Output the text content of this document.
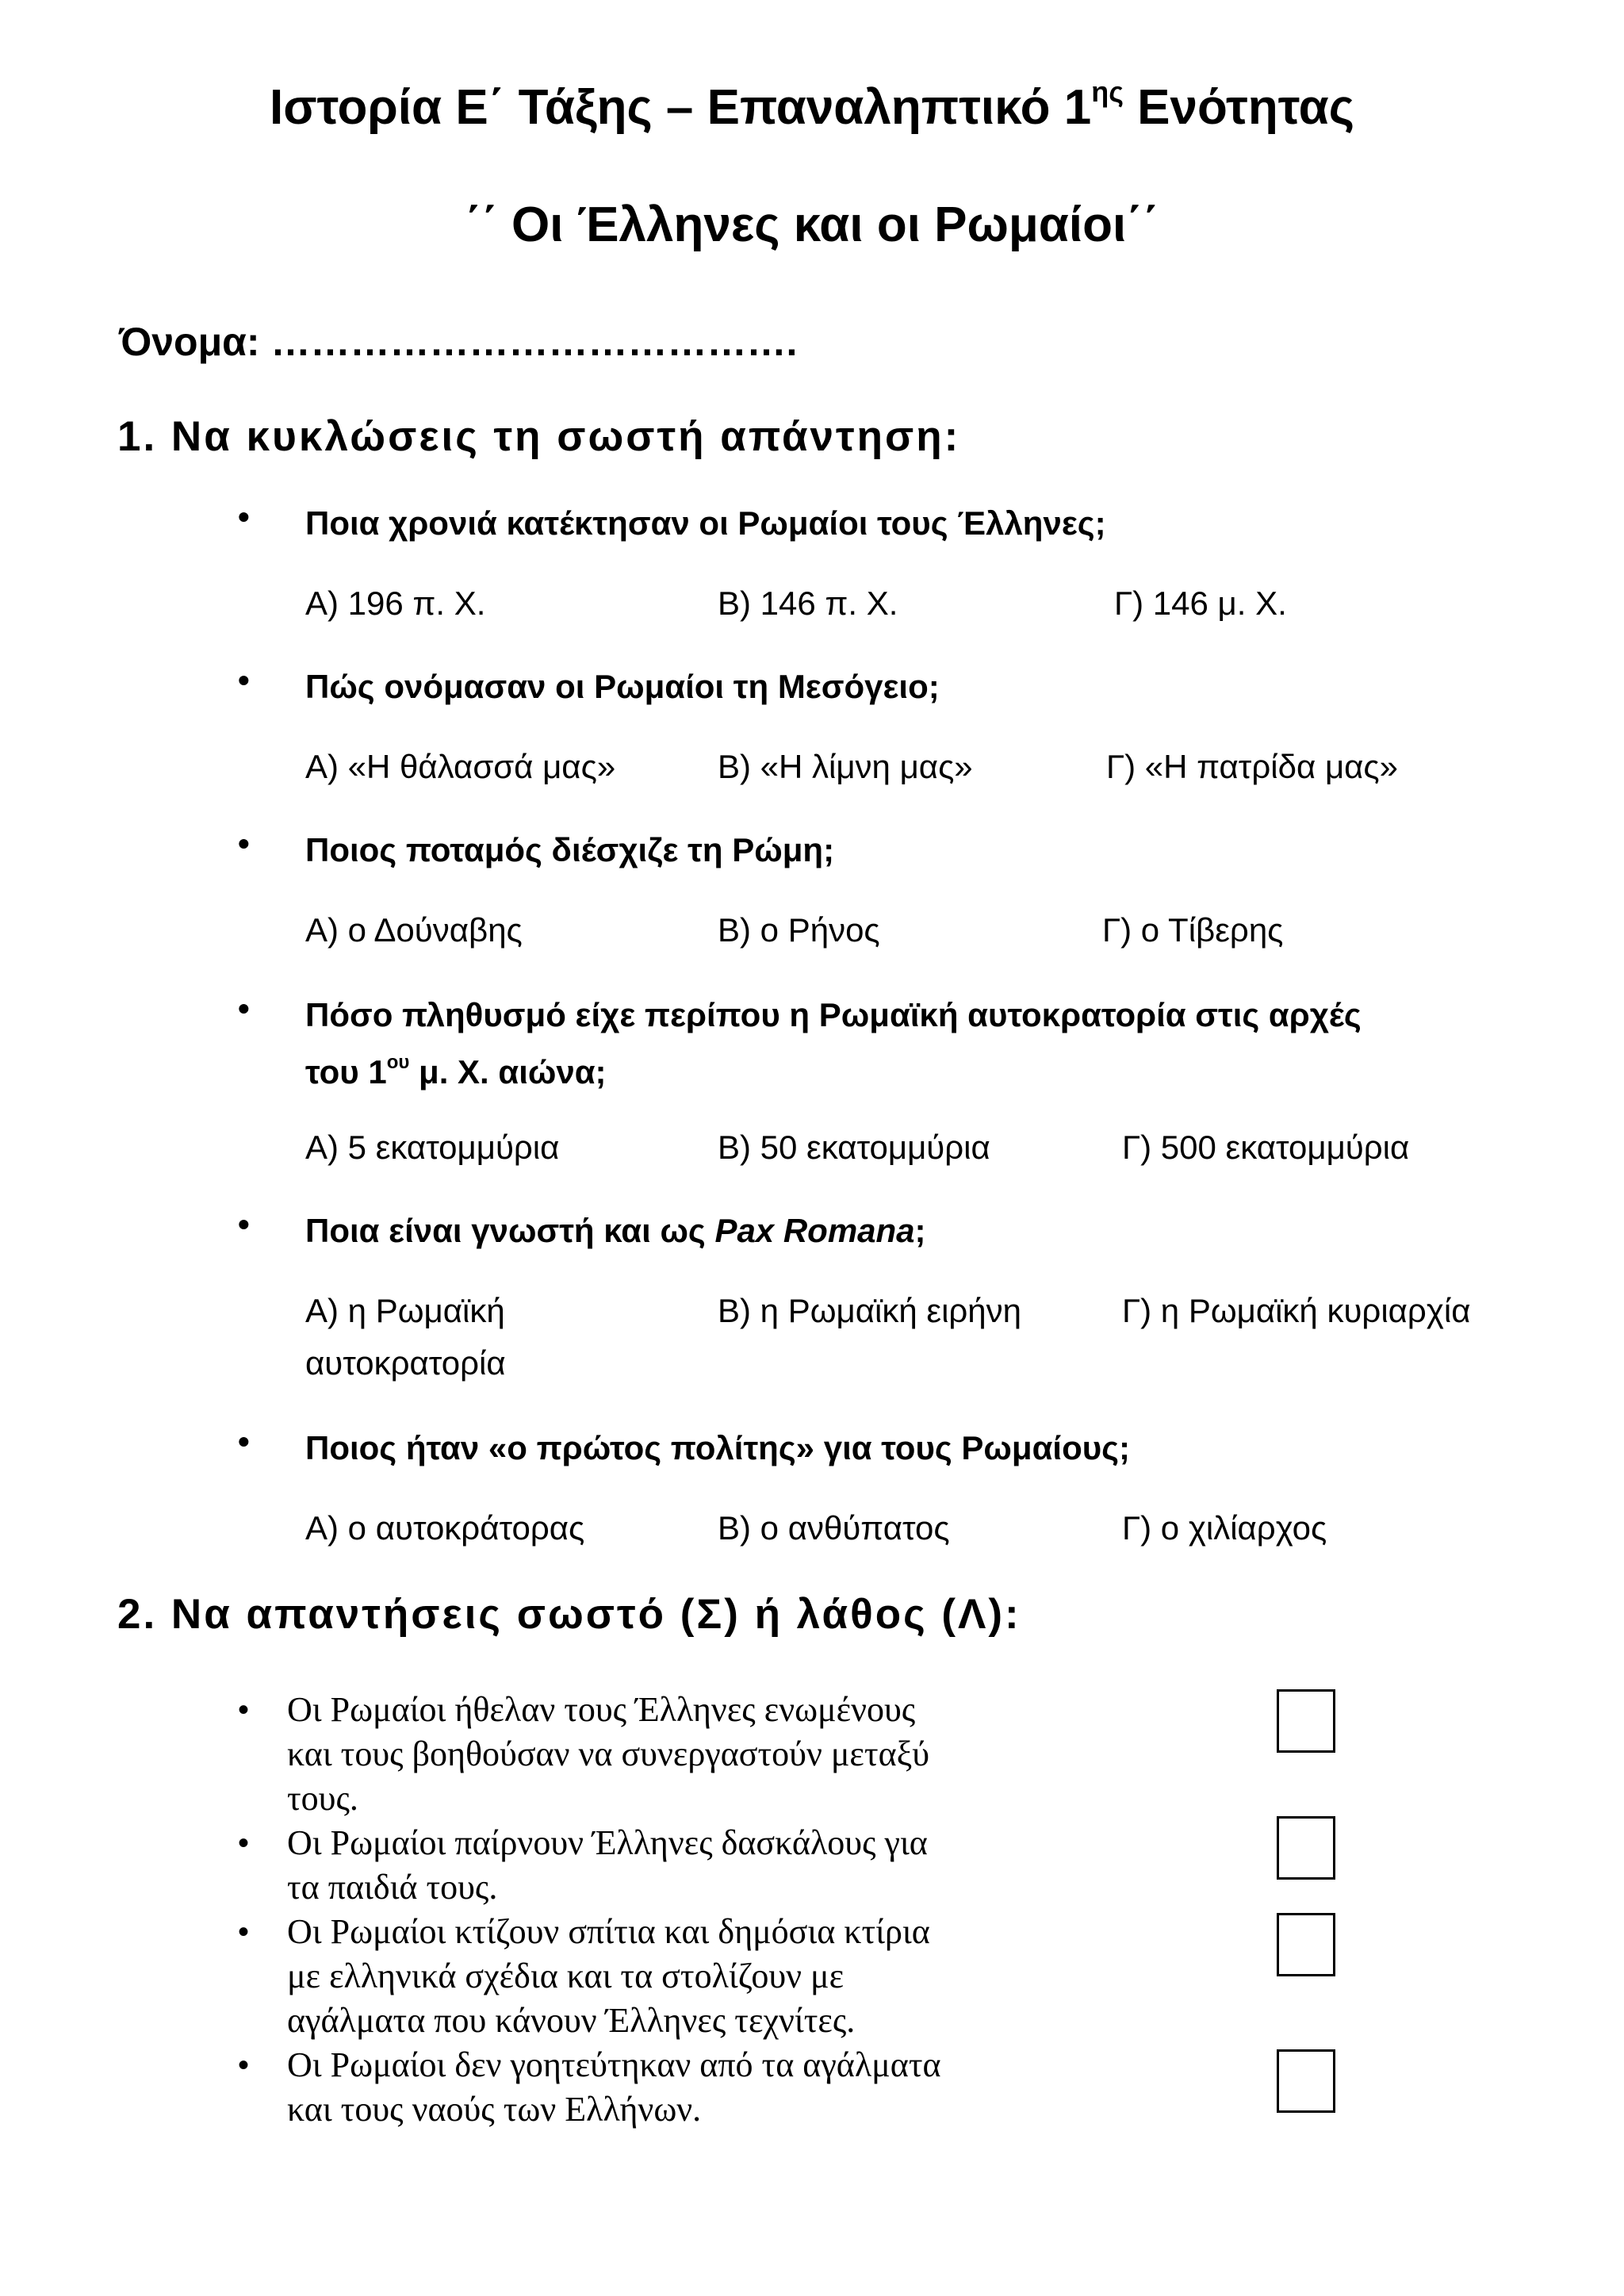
Ιστορία Ε΄ Τάξης – Επαναληπτικό $1^{\eta\varsigma}$ Ενότητας
΄΄ Οι Έλληνες και οι Ρωμαίοι΄΄
Όνομα: ………………………………….
1. Να κυκλώσεις τη σωστή απάντηση:
• Ποια χρονιά κατέκτησαν οι Ρωμαίοι τους Έλληνες;
Α) 196 π. Χ.	Β) 146 π. Χ.	Γ) 146 μ. Χ.
• Πώς ονόμασαν οι Ρωμαίοι τη Μεσόγειο;
Α) «Η θάλασσά μας»	Β) «Η λίμνη μας»	Γ) «Η πατρίδα μας»
• Ποιος ποταμός διέσχιζε τη Ρώμη;
Α) ο Δούναβης	Β) ο Ρήνος	Γ) ο Τίβερης
• Πόσο πληθυσμό είχε περίπου η Ρωμαϊκή αυτοκρατορία στις αρχές
του $1^{o\upsilon}$ μ. Χ. αιώνα;
Α) 5 εκατομμύρια	Β) 50 εκατομμύρια	Γ) 500 εκατομμύρια
• Ποια είναι γνωστή και ως Pax Romana;
Α) η Ρωμαϊκή
αυτοκρατορία
Β) η Ρωμαϊκή ειρήνη	Γ) η Ρωμαϊκή κυριαρχία
• Ποιος ήταν «ο πρώτος πολίτης» για τους Ρωμαίους;
Α) ο αυτοκράτορας	Β) ο ανθύπατος	Γ) ο χιλίαρχος
2. Να απαντήσεις σωστό (Σ) ή λάθος (Λ):
• Οι Ρωμαίοι ήθελαν τους Έλληνες ενωμένους
και τους βοηθούσαν να συνεργαστούν μεταξύ
τους.
• Οι Ρωμαίοι παίρνουν Έλληνες δασκάλους για
τα παιδιά τους.
• Οι Ρωμαίοι κτίζουν σπίτια και δημόσια κτίρια
με ελληνικά σχέδια και τα στολίζουν με
αγάλματα που κάνουν Έλληνες τεχνίτες.
• Οι Ρωμαίοι δεν γοητεύτηκαν από τα αγάλματα
και τους ναούς των Ελλήνων.
